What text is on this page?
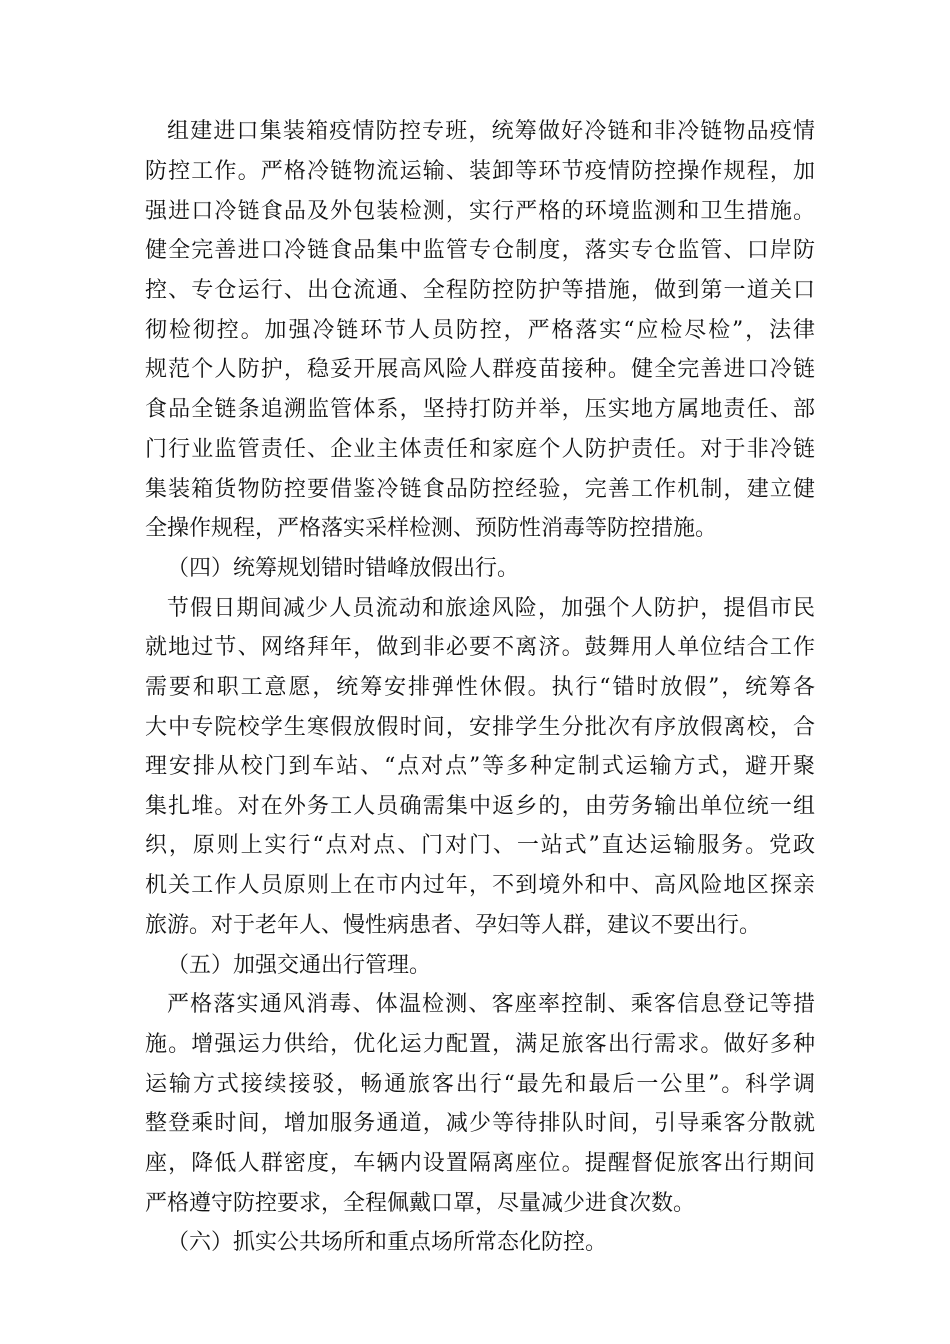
组建进口集装箱疫情防控专班，统筹做好冷链和非冷链物品疫情
防控工作。严格冷链物流运输、装卸等环节疫情防控操作规程，加
强进口冷链食品及外包装检测，实行严格的环境监测和卫生措施。
健全完善进口冷链食品集中监管专仓制度，落实专仓监管、口岸防
控、专仓运行、出仓流通、全程防控防护等措施，做到第一道关口
彻检彻控。加强冷链环节人员防控，严格落实“应检尽检”，法律
规范个人防护，稳妥开展高风险人群疫苗接种。健全完善进口冷链
食品全链条追溯监管体系，坚持打防并举，压实地方属地责任、部
门行业监管责任、企业主体责任和家庭个人防护责任。对于非冷链
集装箱货物防控要借鉴冷链食品防控经验，完善工作机制，建立健
全操作规程，严格落实采样检测、预防性消毒等防控措施。
（四）统筹规划错时错峰放假出行。
节假日期间减少人员流动和旅途风险，加强个人防护，提倡市民
就地过节、网络拜年，做到非必要不离济。鼓舞用人单位结合工作
需要和职工意愿，统筹安排弹性休假。执行“错时放假”，统筹各
大中专院校学生寒假放假时间，安排学生分批次有序放假离校，合
理安排从校门到车站、“点对点”等多种定制式运输方式，避开聚
集扎堆。对在外务工人员确需集中返乡的，由劳务输出单位统一组
织，原则上实行“点对点、门对门、一站式”直达运输服务。党政
机关工作人员原则上在市内过年，不到境外和中、高风险地区探亲
旅游。对于老年人、慢性病患者、孕妇等人群，建议不要出行。
（五）加强交通出行管理。
严格落实通风消毒、体温检测、客座率控制、乘客信息登记等措
施。增强运力供给，优化运力配置，满足旅客出行需求。做好多种
运输方式接续接驳，畅通旅客出行“最先和最后一公里”。科学调
整登乘时间，增加服务通道，减少等待排队时间，引导乘客分散就
座，降低人群密度，车辆内设置隔离座位。提醒督促旅客出行期间
严格遵守防控要求，全程佩戴口罩，尽量减少进食次数。
（六）抓实公共场所和重点场所常态化防控。
